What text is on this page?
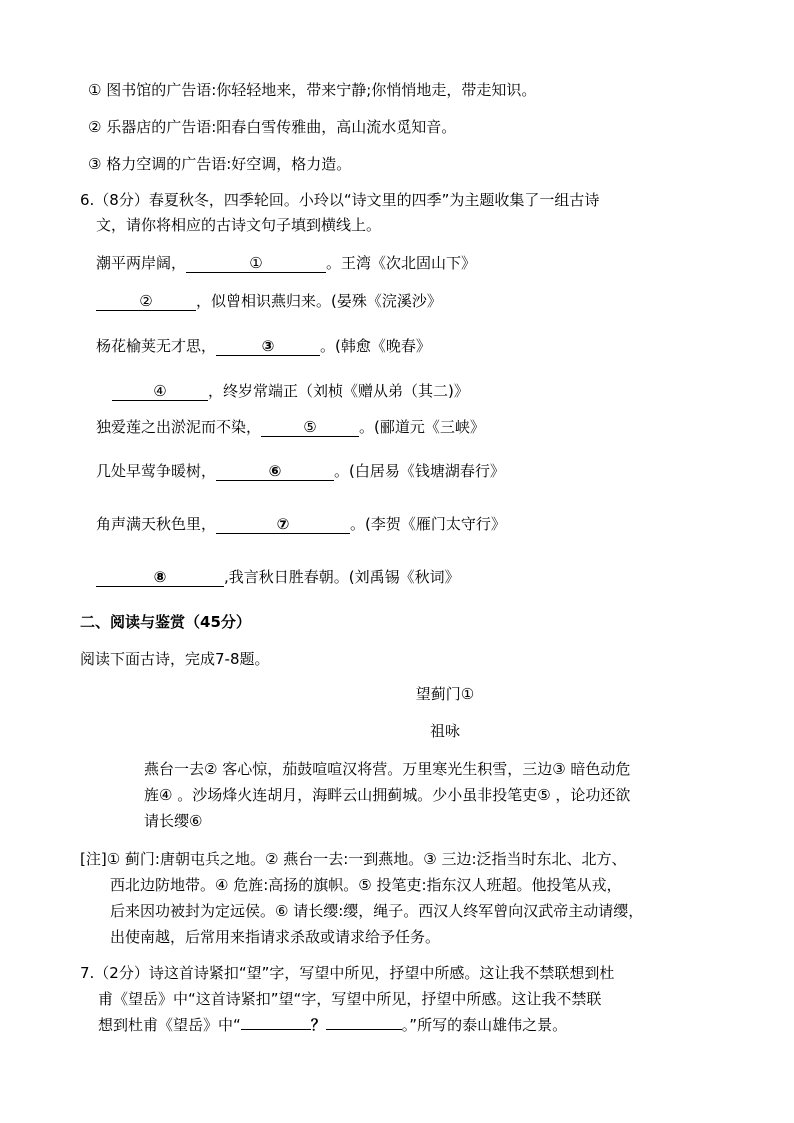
① 图书馆的广告语:你轻轻地来，带来宁静;你悄悄地走，带走知识。
② 乐器店的广告语:阳春白雪传雅曲，高山流水觅知音。
③ 格力空调的广告语:好空调，格力造。
6.（8分）春夏秋冬，四季轮回。小玲以“诗文里的四季”为主题收集了一组古诗
文，请你将相应的古诗文句子填到横线上。
潮平两岸阔，	①	。王湾《次北固山下》
②	，似曾相识燕归来。(晏殊《浣溪沙》
杨花榆荚无才思，	③	。(韩愈《晚春》
④	，终岁常端正（刘桢《赠从弟（其二)》
独爱莲之出淤泥而不染，	⑤	。(郦道元《三峡》
几处早莺争暖树，	⑥	。(白居易《钱塘湖春行》
角声满天秋色里，	⑦	。(李贺《雁门太守行》
⑧	,我言秋日胜春朝。(刘禹锡《秋词》
二、阅读与鉴赏（45分）
阅读下面古诗，完成7-8题。
望蓟门①
祖咏
燕台一去② 客心惊，茄鼓喧喧汉将营。万里寒光生积雪，三边③ 暗色动危
旌④ 。沙场烽火连胡月，海畔云山拥蓟城。少小虽非投笔吏⑤ ，论功还欲
请长缨⑥
[注]① 蓟门:唐朝屯兵之地。② 燕台一去:一到燕地。③ 三边:泛指当时东北、北方、
西北边防地带。④ 危旌:高扬的旗帜。⑤ 投笔吏:指东汉人班超。他投笔从戎，
后来因功被封为定远侯。⑥ 请长缨:缨，绳子。西汉人终军曾向汉武帝主动请缨，
出使南越，后常用来指请求杀敌或请求给予任务。
7.（2分）诗这首诗紧扣“望”字，写望中所见，抒望中所感。这让我不禁联想到杜
甫《望岳》中“这首诗紧扣”望“字，写望中所见，抒望中所感。这让我不禁联
想到杜甫《望岳》中“	？	。”所写的泰山雄伟之景。
